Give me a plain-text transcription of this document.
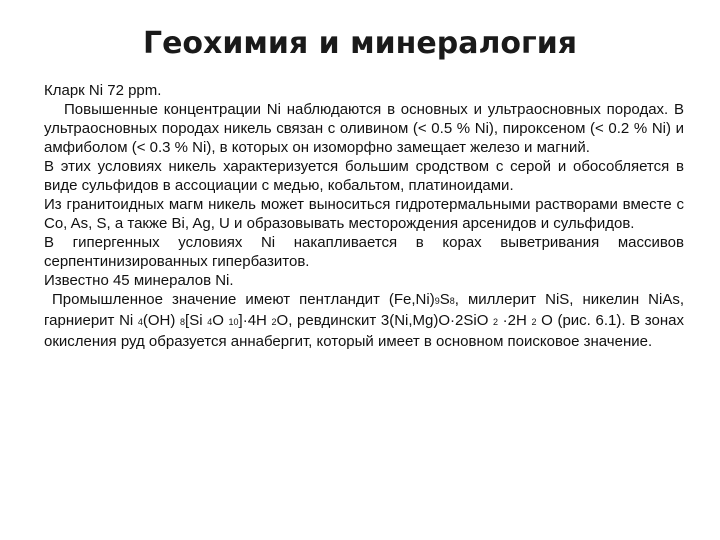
Геохимия и минералогия

Кларк Ni 72 ppm.

Повышенные концентрации Ni наблюдаются в основных и ультраосновных породах. В ультраосновных породах никель связан с оливином (< 0.5 % Ni), пироксеном (< 0.2 % Ni) и амфиболом (< 0.3 % Ni), в которых он изоморфно замещает железо и магний.

В этих условиях никель характеризуется большим сродством с серой и обособляется в виде сульфидов в ассоциации с медью, кобальтом, платиноидами.

Из гранитоидных магм никель может выноситься гидротермальными растворами вместе с Co, As, S, а также Bi, Ag, U и образовывать месторождения арсенидов и сульфидов.

В гипергенных условиях Ni накапливается в корах выветривания массивов серпентинизированных гипербазитов.

Известно 45 минералов Ni.

Промышленное значение имеют пентландит (Fe,Ni)9S8, миллерит NiS, никелин NiAs, гарниерит Ni 4(OH) 8[Si 4O 10]·4H 2O, ревдинскит 3(Ni,Mg)O·2SiO 2 ·2H 2 O (рис. 6.1). В зонах окисления руд образуется аннабергит, который имеет в основном поисковое значение.
